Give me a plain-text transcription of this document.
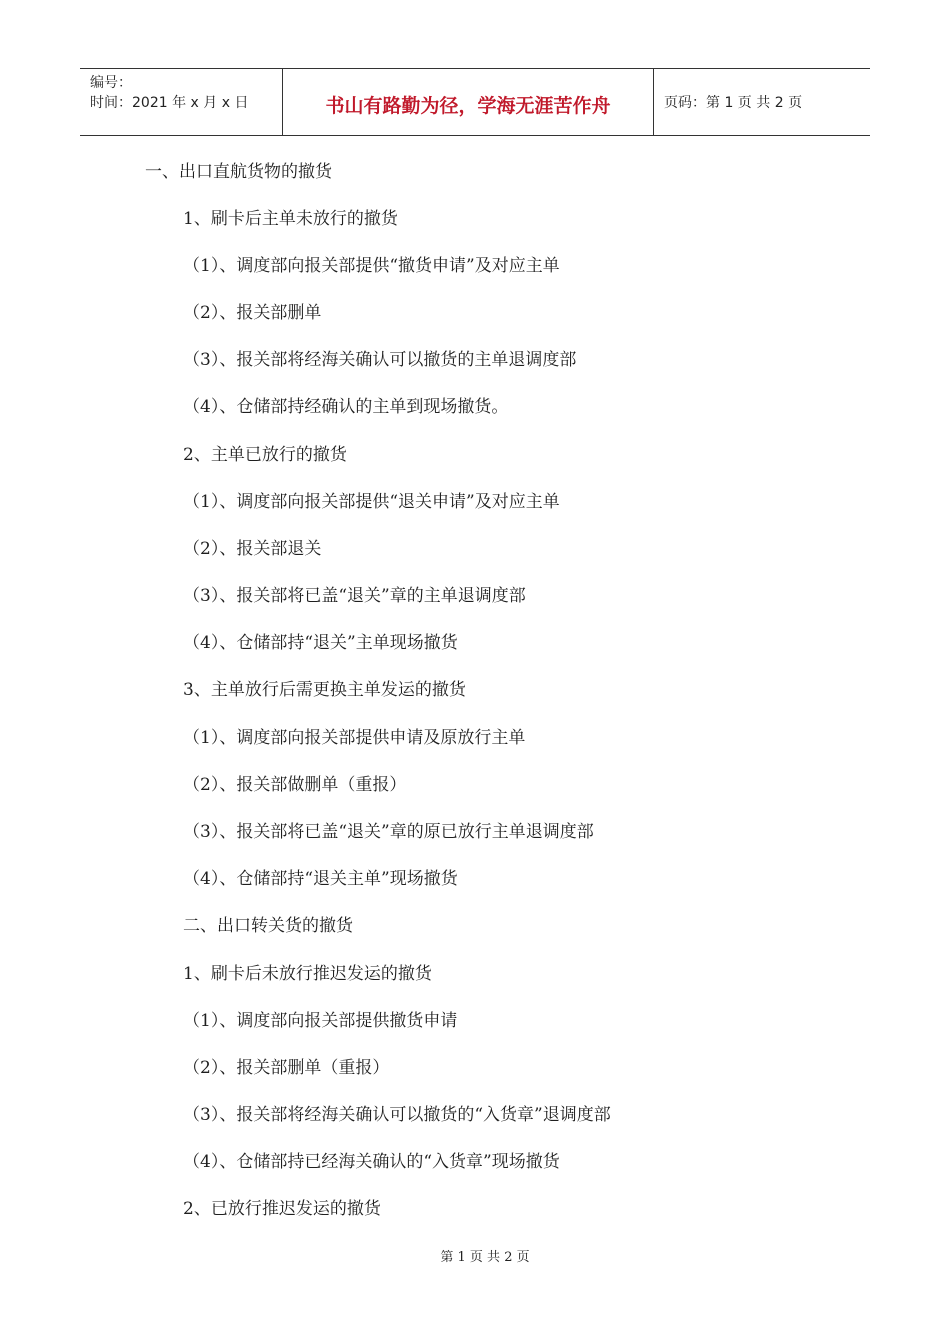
编号：
时间：2021 年 x 月 x 日	书山有路勤为径，学海无涯苦作舟	页码：第 1 页 共 2 页
一、出口直航货物的撤货
1、刷卡后主单未放行的撤货
（1）、调度部向报关部提供“撤货申请”及对应主单
（2）、报关部删单
（3）、报关部将经海关确认可以撤货的主单退调度部
（4）、仓储部持经确认的主单到现场撤货。
2、主单已放行的撤货
（1）、调度部向报关部提供“退关申请”及对应主单
（2）、报关部退关
（3）、报关部将已盖“退关”章的主单退调度部
（4）、仓储部持“退关”主单现场撤货
3、主单放行后需更换主单发运的撤货
（1）、调度部向报关部提供申请及原放行主单
（2）、报关部做删单（重报）
（3）、报关部将已盖“退关”章的原已放行主单退调度部
（4）、仓储部持“退关主单”现场撤货
二、出口转关货的撤货
1、刷卡后未放行推迟发运的撤货
（1）、调度部向报关部提供撤货申请
（2）、报关部删单（重报）
（3）、报关部将经海关确认可以撤货的“入货章”退调度部
（4）、仓储部持已经海关确认的“入货章”现场撤货
2、已放行推迟发运的撤货
第 1 页 共 2 页
